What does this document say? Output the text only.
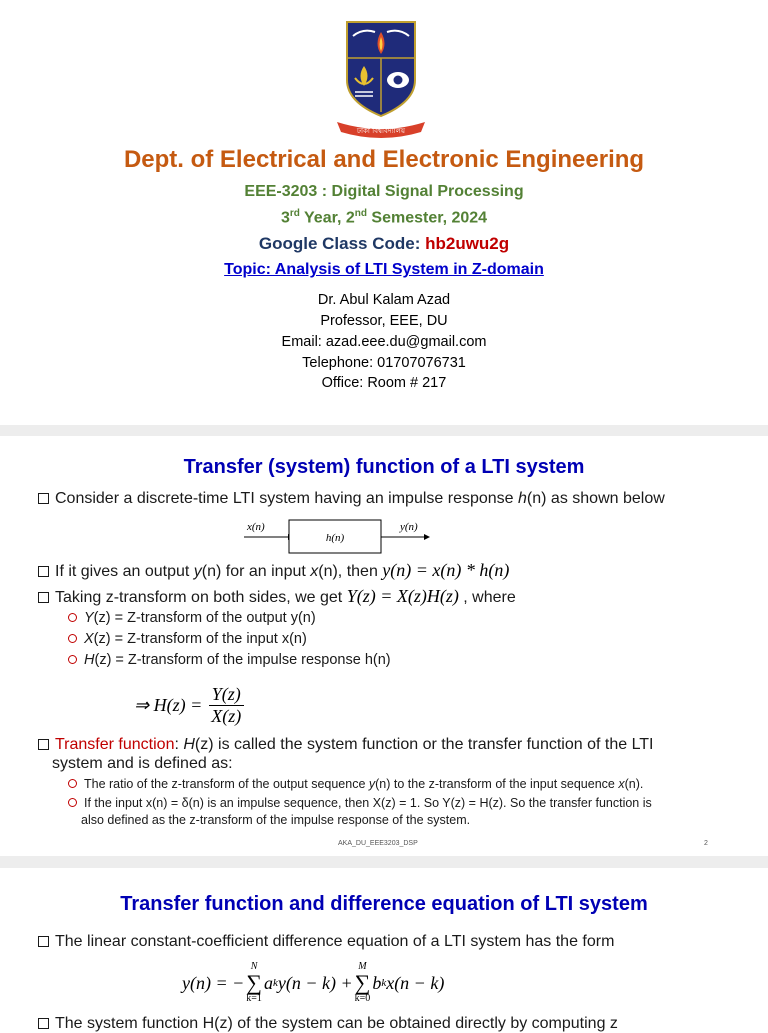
ঢাকা বিশ্ববিদ্যালয়
Dept. of Electrical and Electronic Engineering
EEE-3203 : Digital Signal Processing
3rd Year, 2nd Semester, 2024
Google Class Code: hb2uwu2g
Topic: Analysis of LTI System in Z-domain
Dr. Abul Kalam Azad
Professor, EEE, DU
Email: azad.eee.du@gmail.com
Telephone: 01707076731
Office: Room # 217
Transfer (system) function of a LTI system
Consider a discrete-time LTI system having an impulse response h(n) as shown below
x(n)
h(n)
y(n)
If it gives an output y(n) for an input x(n), then y(n) = x(n) * h(n)
Taking z-transform on both sides, we get Y(z) = X(z)H(z) , where
Y(z) = Z-transform of the output y(n)
X(z) = Z-transform of the input x(n)
H(z) = Z-transform of the impulse response h(n)
⇒ $H(z) = \frac{Y(z)}{X(z)}$
Transfer function: H(z) is called the system function or the transfer function of the LTI
system and is defined as:
The ratio of the z-transform of the output sequence y(n) to the z-transform of the input sequence x(n).
If the input x(n) = δ(n) is an impulse sequence, then X(z) = 1. So Y(z) = H(z). So the transfer function is
also defined as the z-transform of the impulse response of the system.
AKA_DU_EEE3203_DSP	2
Transfer function and difference equation of LTI system
The linear constant-coefficient difference equation of a LTI system has the form
y(n) = −
N
∑
k=1
a k y(n − k) +
M
∑
k=0
b k x(n − k)
The system function H(z) of the system can be obtained directly by computing z
